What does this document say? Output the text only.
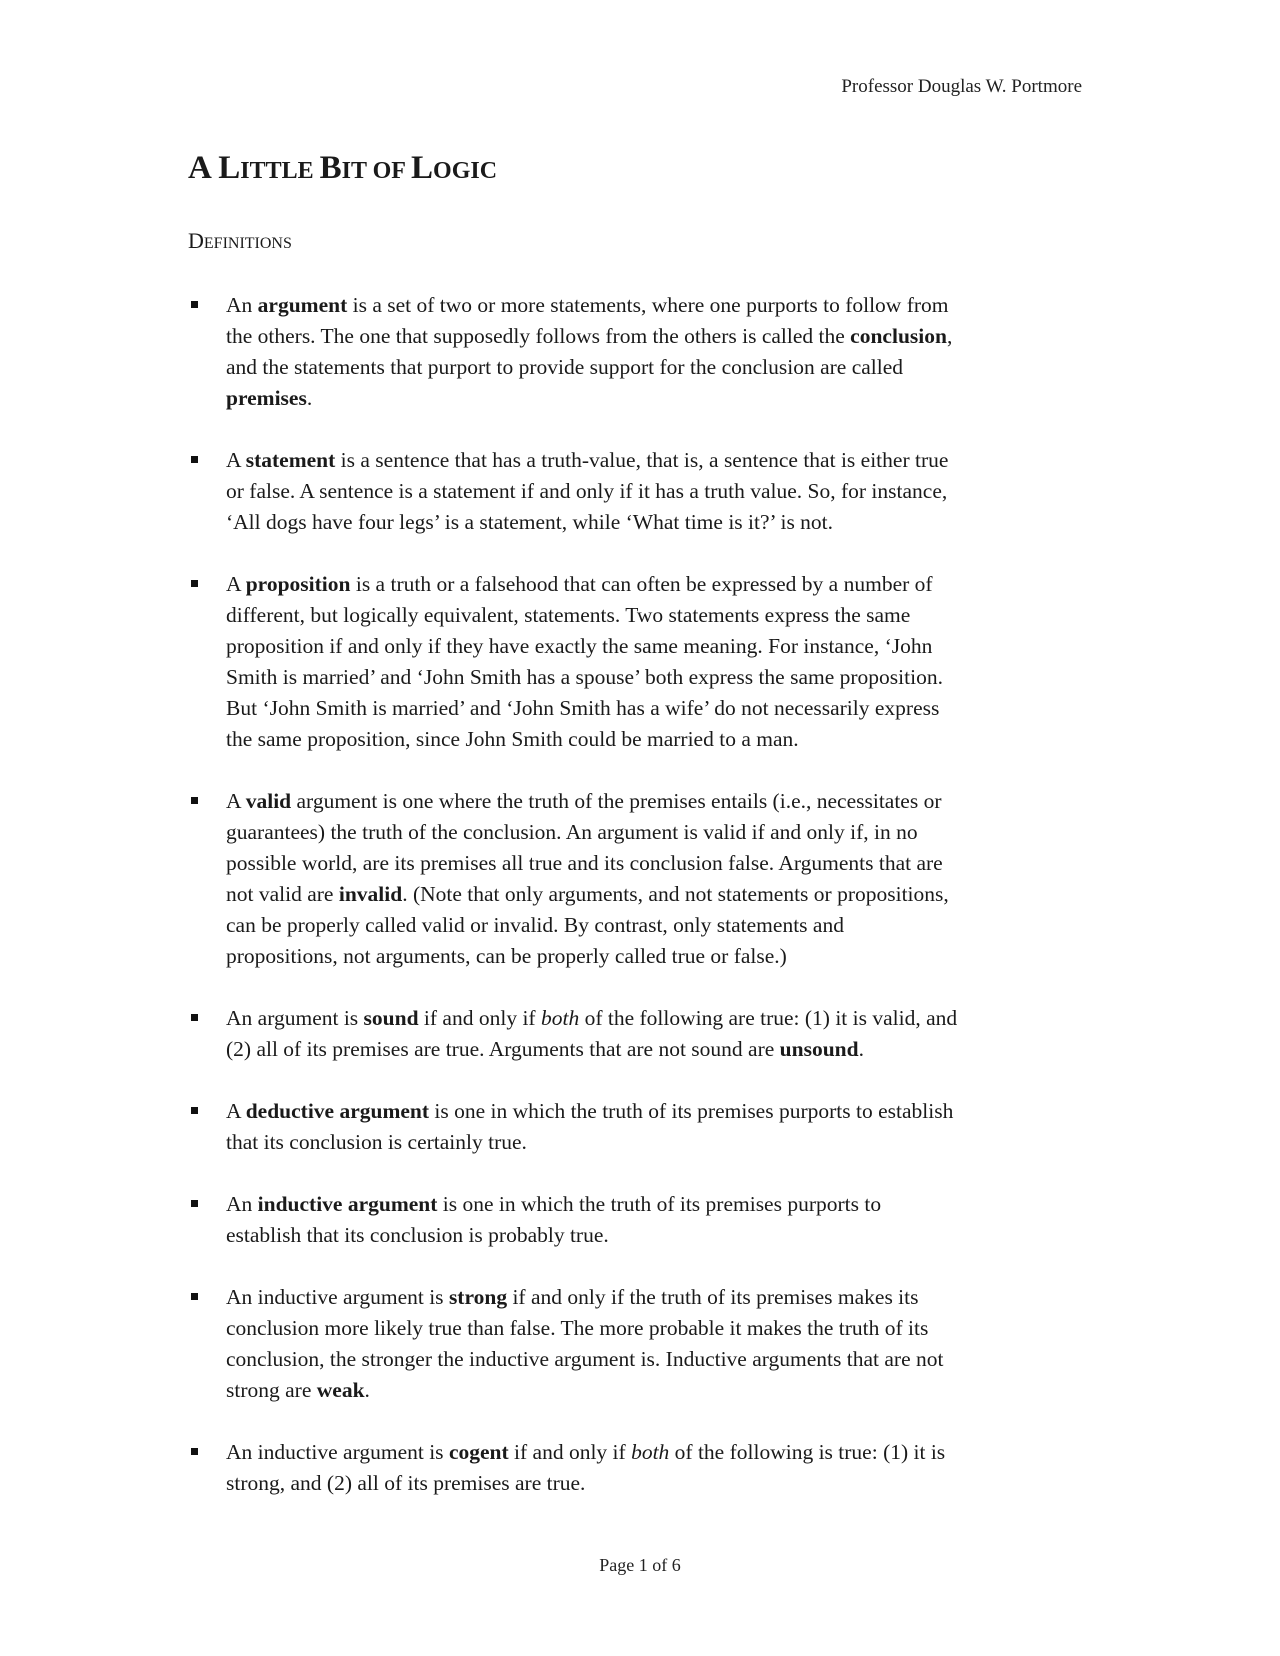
Professor Douglas W. Portmore
A LITTLE BIT OF LOGIC
DEFINITIONS
An argument is a set of two or more statements, where one purports to follow from
the others. The one that supposedly follows from the others is called the conclusion,
and the statements that purport to provide support for the conclusion are called
premises.
A statement is a sentence that has a truth-value, that is, a sentence that is either true
or false. A sentence is a statement if and only if it has a truth value. So, for instance,
‘All dogs have four legs’ is a statement, while ‘What time is it?’ is not.
A proposition is a truth or a falsehood that can often be expressed by a number of
different, but logically equivalent, statements. Two statements express the same
proposition if and only if they have exactly the same meaning. For instance, ‘John
Smith is married’ and ‘John Smith has a spouse’ both express the same proposition.
But ‘John Smith is married’ and ‘John Smith has a wife’ do not necessarily express
the same proposition, since John Smith could be married to a man.
A valid argument is one where the truth of the premises entails (i.e., necessitates or
guarantees) the truth of the conclusion. An argument is valid if and only if, in no
possible world, are its premises all true and its conclusion false. Arguments that are
not valid are invalid. (Note that only arguments, and not statements or propositions,
can be properly called valid or invalid. By contrast, only statements and
propositions, not arguments, can be properly called true or false.)
An argument is sound if and only if both of the following are true: (1) it is valid, and
(2) all of its premises are true. Arguments that are not sound are unsound.
A deductive argument is one in which the truth of its premises purports to establish
that its conclusion is certainly true.
An inductive argument is one in which the truth of its premises purports to
establish that its conclusion is probably true.
An inductive argument is strong if and only if the truth of its premises makes its
conclusion more likely true than false. The more probable it makes the truth of its
conclusion, the stronger the inductive argument is. Inductive arguments that are not
strong are weak.
An inductive argument is cogent if and only if both of the following is true: (1) it is
strong, and (2) all of its premises are true.
Page 1 of 6
